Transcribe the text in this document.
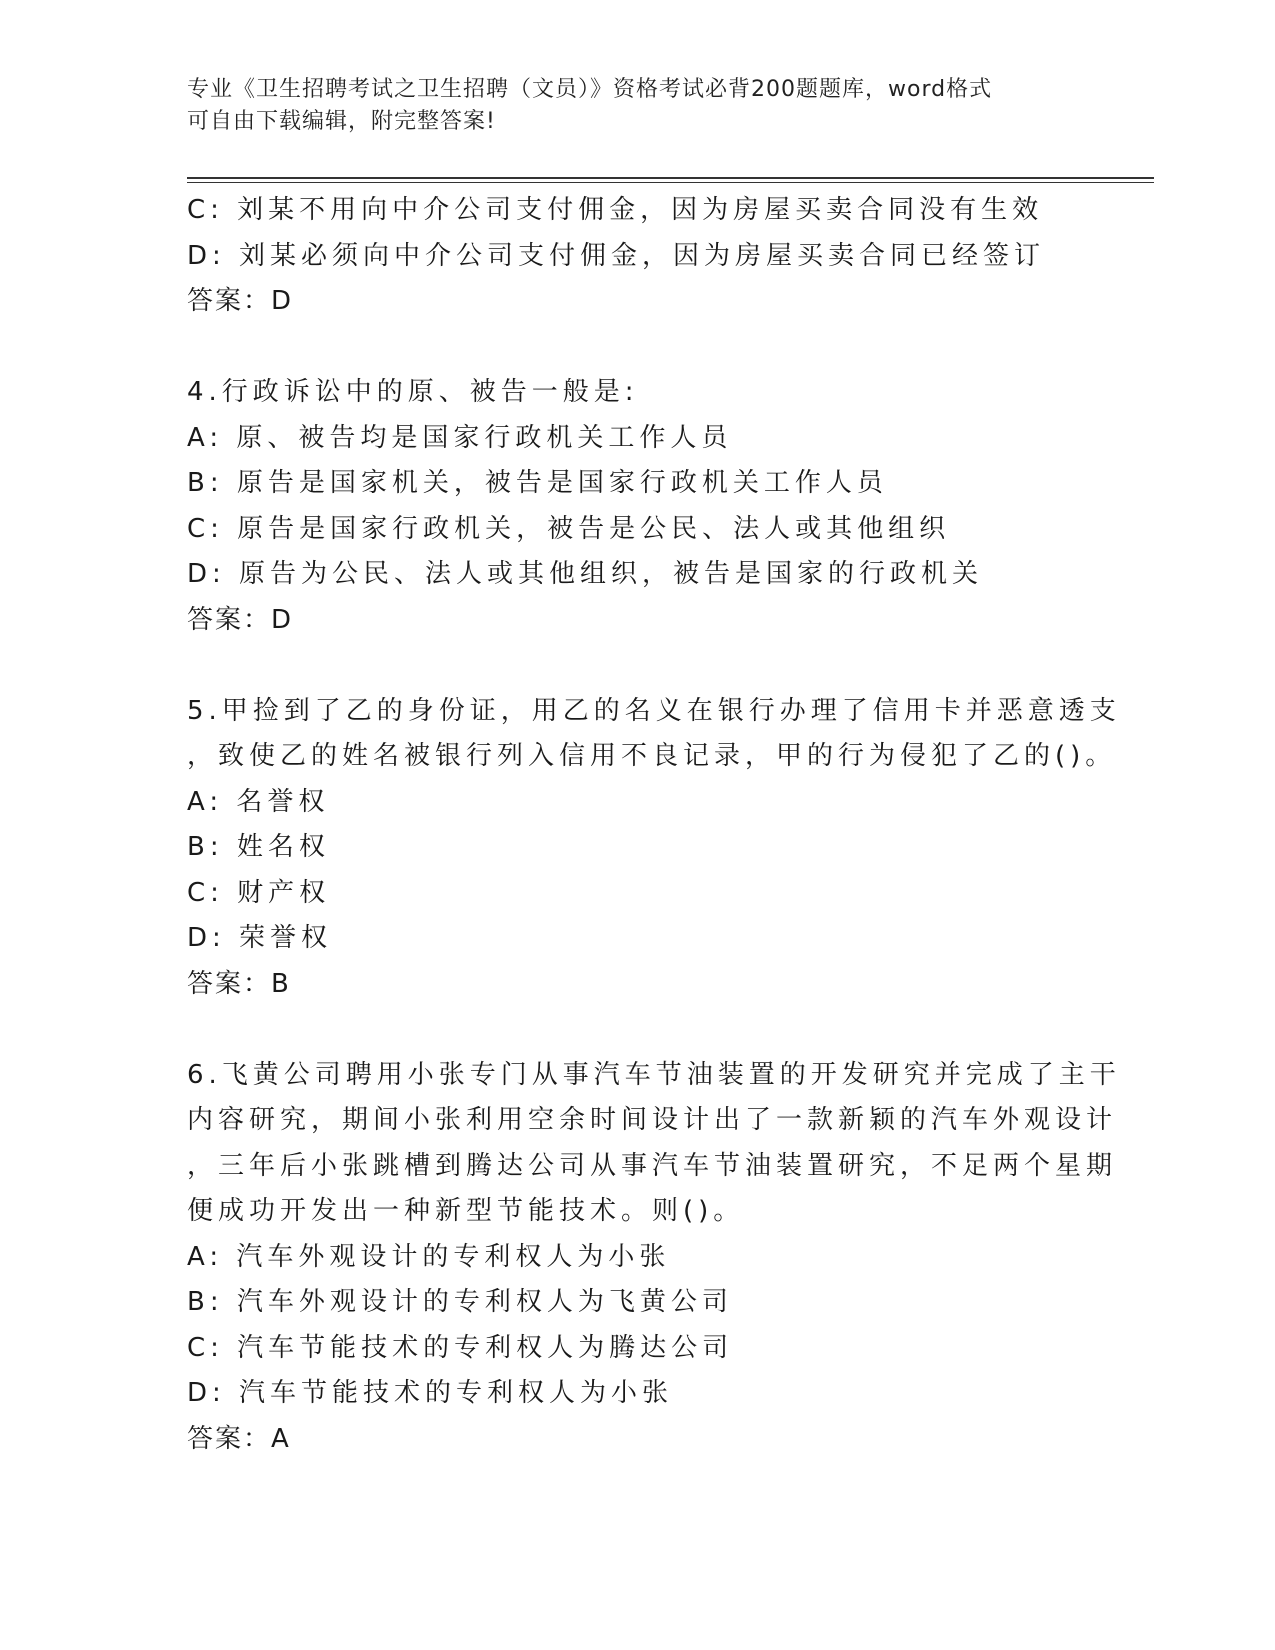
专业《卫生招聘考试之卫生招聘（文员）》资格考试必背200题题库，word格式
可自由下载编辑，附完整答案!
C: 刘某不用向中介公司支付佣金，因为房屋买卖合同没有生效
D: 刘某必须向中介公司支付佣金，因为房屋买卖合同已经签订
答案：D
4.行政诉讼中的原、被告一般是:
A: 原、被告均是国家行政机关工作人员
B: 原告是国家机关，被告是国家行政机关工作人员
C: 原告是国家行政机关，被告是公民、法人或其他组织
D: 原告为公民、法人或其他组织，被告是国家的行政机关
答案：D
5.甲捡到了乙的身份证，用乙的名义在银行办理了信用卡并恶意透支
，致使乙的姓名被银行列入信用不良记录，甲的行为侵犯了乙的()。
A: 名誉权
B: 姓名权
C: 财产权
D: 荣誉权
答案：B
6.飞黄公司聘用小张专门从事汽车节油装置的开发研究并完成了主干
内容研究，期间小张利用空余时间设计出了一款新颖的汽车外观设计
，三年后小张跳槽到腾达公司从事汽车节油装置研究，不足两个星期
便成功开发出一种新型节能技术。则()。
A: 汽车外观设计的专利权人为小张
B: 汽车外观设计的专利权人为飞黄公司
C: 汽车节能技术的专利权人为腾达公司
D: 汽车节能技术的专利权人为小张
答案：A
